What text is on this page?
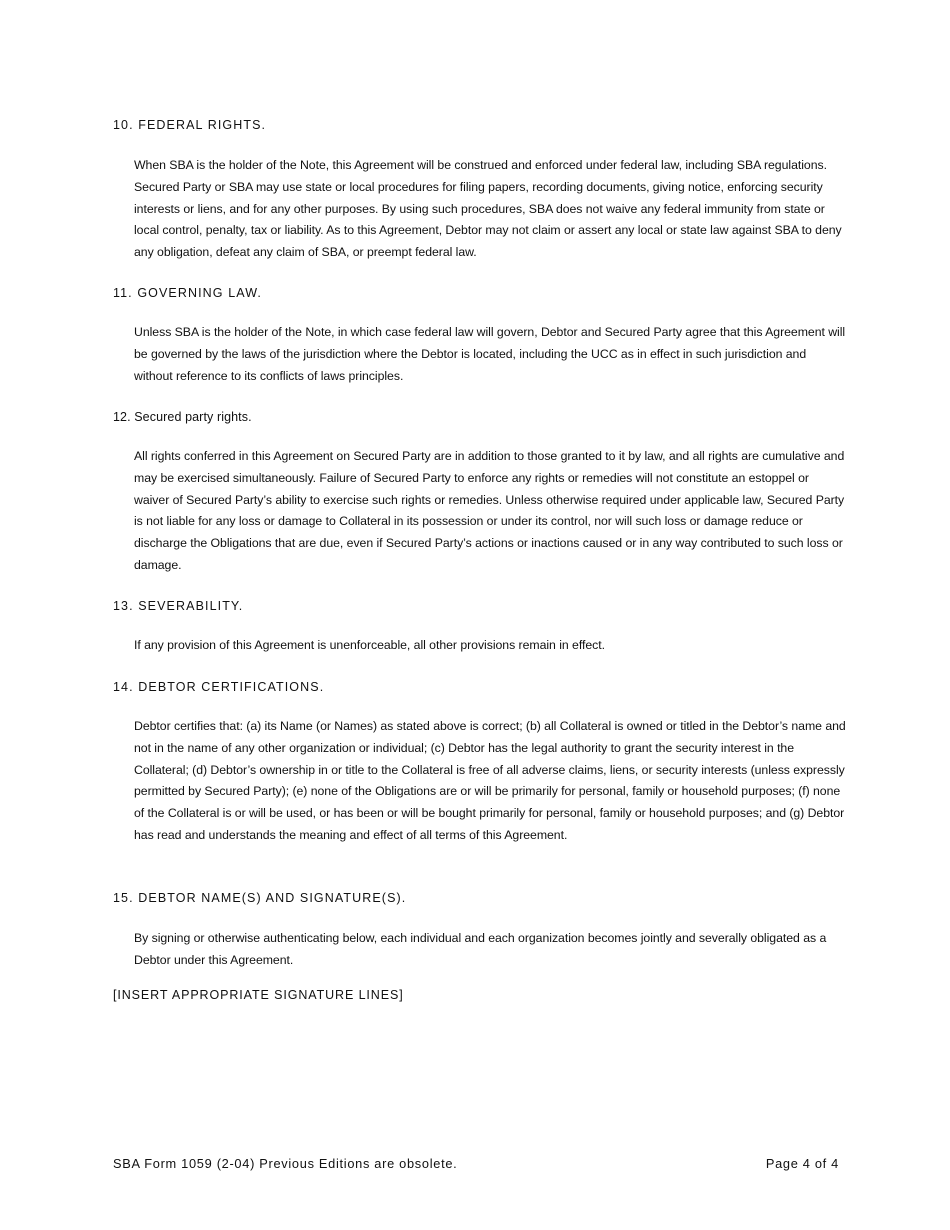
10. FEDERAL RIGHTS.
When SBA is the holder of the Note, this Agreement will be construed and enforced under federal law, including SBA regulations. Secured Party or SBA may use state or local procedures for filing papers, recording documents, giving notice, enforcing security interests or liens, and for any other purposes. By using such procedures, SBA does not waive any federal immunity from state or local control, penalty, tax or liability. As to this Agreement, Debtor may not claim or assert any local or state law against SBA to deny any obligation, defeat any claim of SBA, or preempt federal law.
11. GOVERNING LAW.
Unless SBA is the holder of the Note, in which case federal law will govern, Debtor and Secured Party agree that this Agreement will be governed by the laws of the jurisdiction where the Debtor is located, including the UCC as in effect in such jurisdiction and without reference to its conflicts of laws principles.
12. Secured party rights.
All rights conferred in this Agreement on Secured Party are in addition to those granted to it by law, and all rights are cumulative and may be exercised simultaneously. Failure of Secured Party to enforce any rights or remedies will not constitute an estoppel or waiver of Secured Party’s ability to exercise such rights or remedies. Unless otherwise required under applicable law, Secured Party is not liable for any loss or damage to Collateral in its possession or under its control, nor will such loss or damage reduce or discharge the Obligations that are due, even if Secured Party’s actions or inactions caused or in any way contributed to such loss or damage.
13. SEVERABILITY.
If any provision of this Agreement is unenforceable, all other provisions remain in effect.
14. DEBTOR CERTIFICATIONS.
Debtor certifies that: (a) its Name (or Names) as stated above is correct; (b) all Collateral is owned or titled in the Debtor’s name and not in the name of any other organization or individual; (c) Debtor has the legal authority to grant the security interest in the Collateral; (d) Debtor’s ownership in or title to the Collateral is free of all adverse claims, liens, or security interests (unless expressly permitted by Secured Party); (e) none of the Obligations are or will be primarily for personal, family or household purposes; (f) none of the Collateral is or will be used, or has been or will be bought primarily for personal, family or household purposes; and (g) Debtor has read and understands the meaning and effect of all terms of this Agreement.
15. DEBTOR NAME(S) AND SIGNATURE(S).
By signing or otherwise authenticating below, each individual and each organization becomes jointly and severally obligated as a Debtor under this Agreement.
[INSERT APPROPRIATE SIGNATURE LINES]
SBA Form 1059 (2-04) Previous Editions are obsolete.	Page 4 of 4
